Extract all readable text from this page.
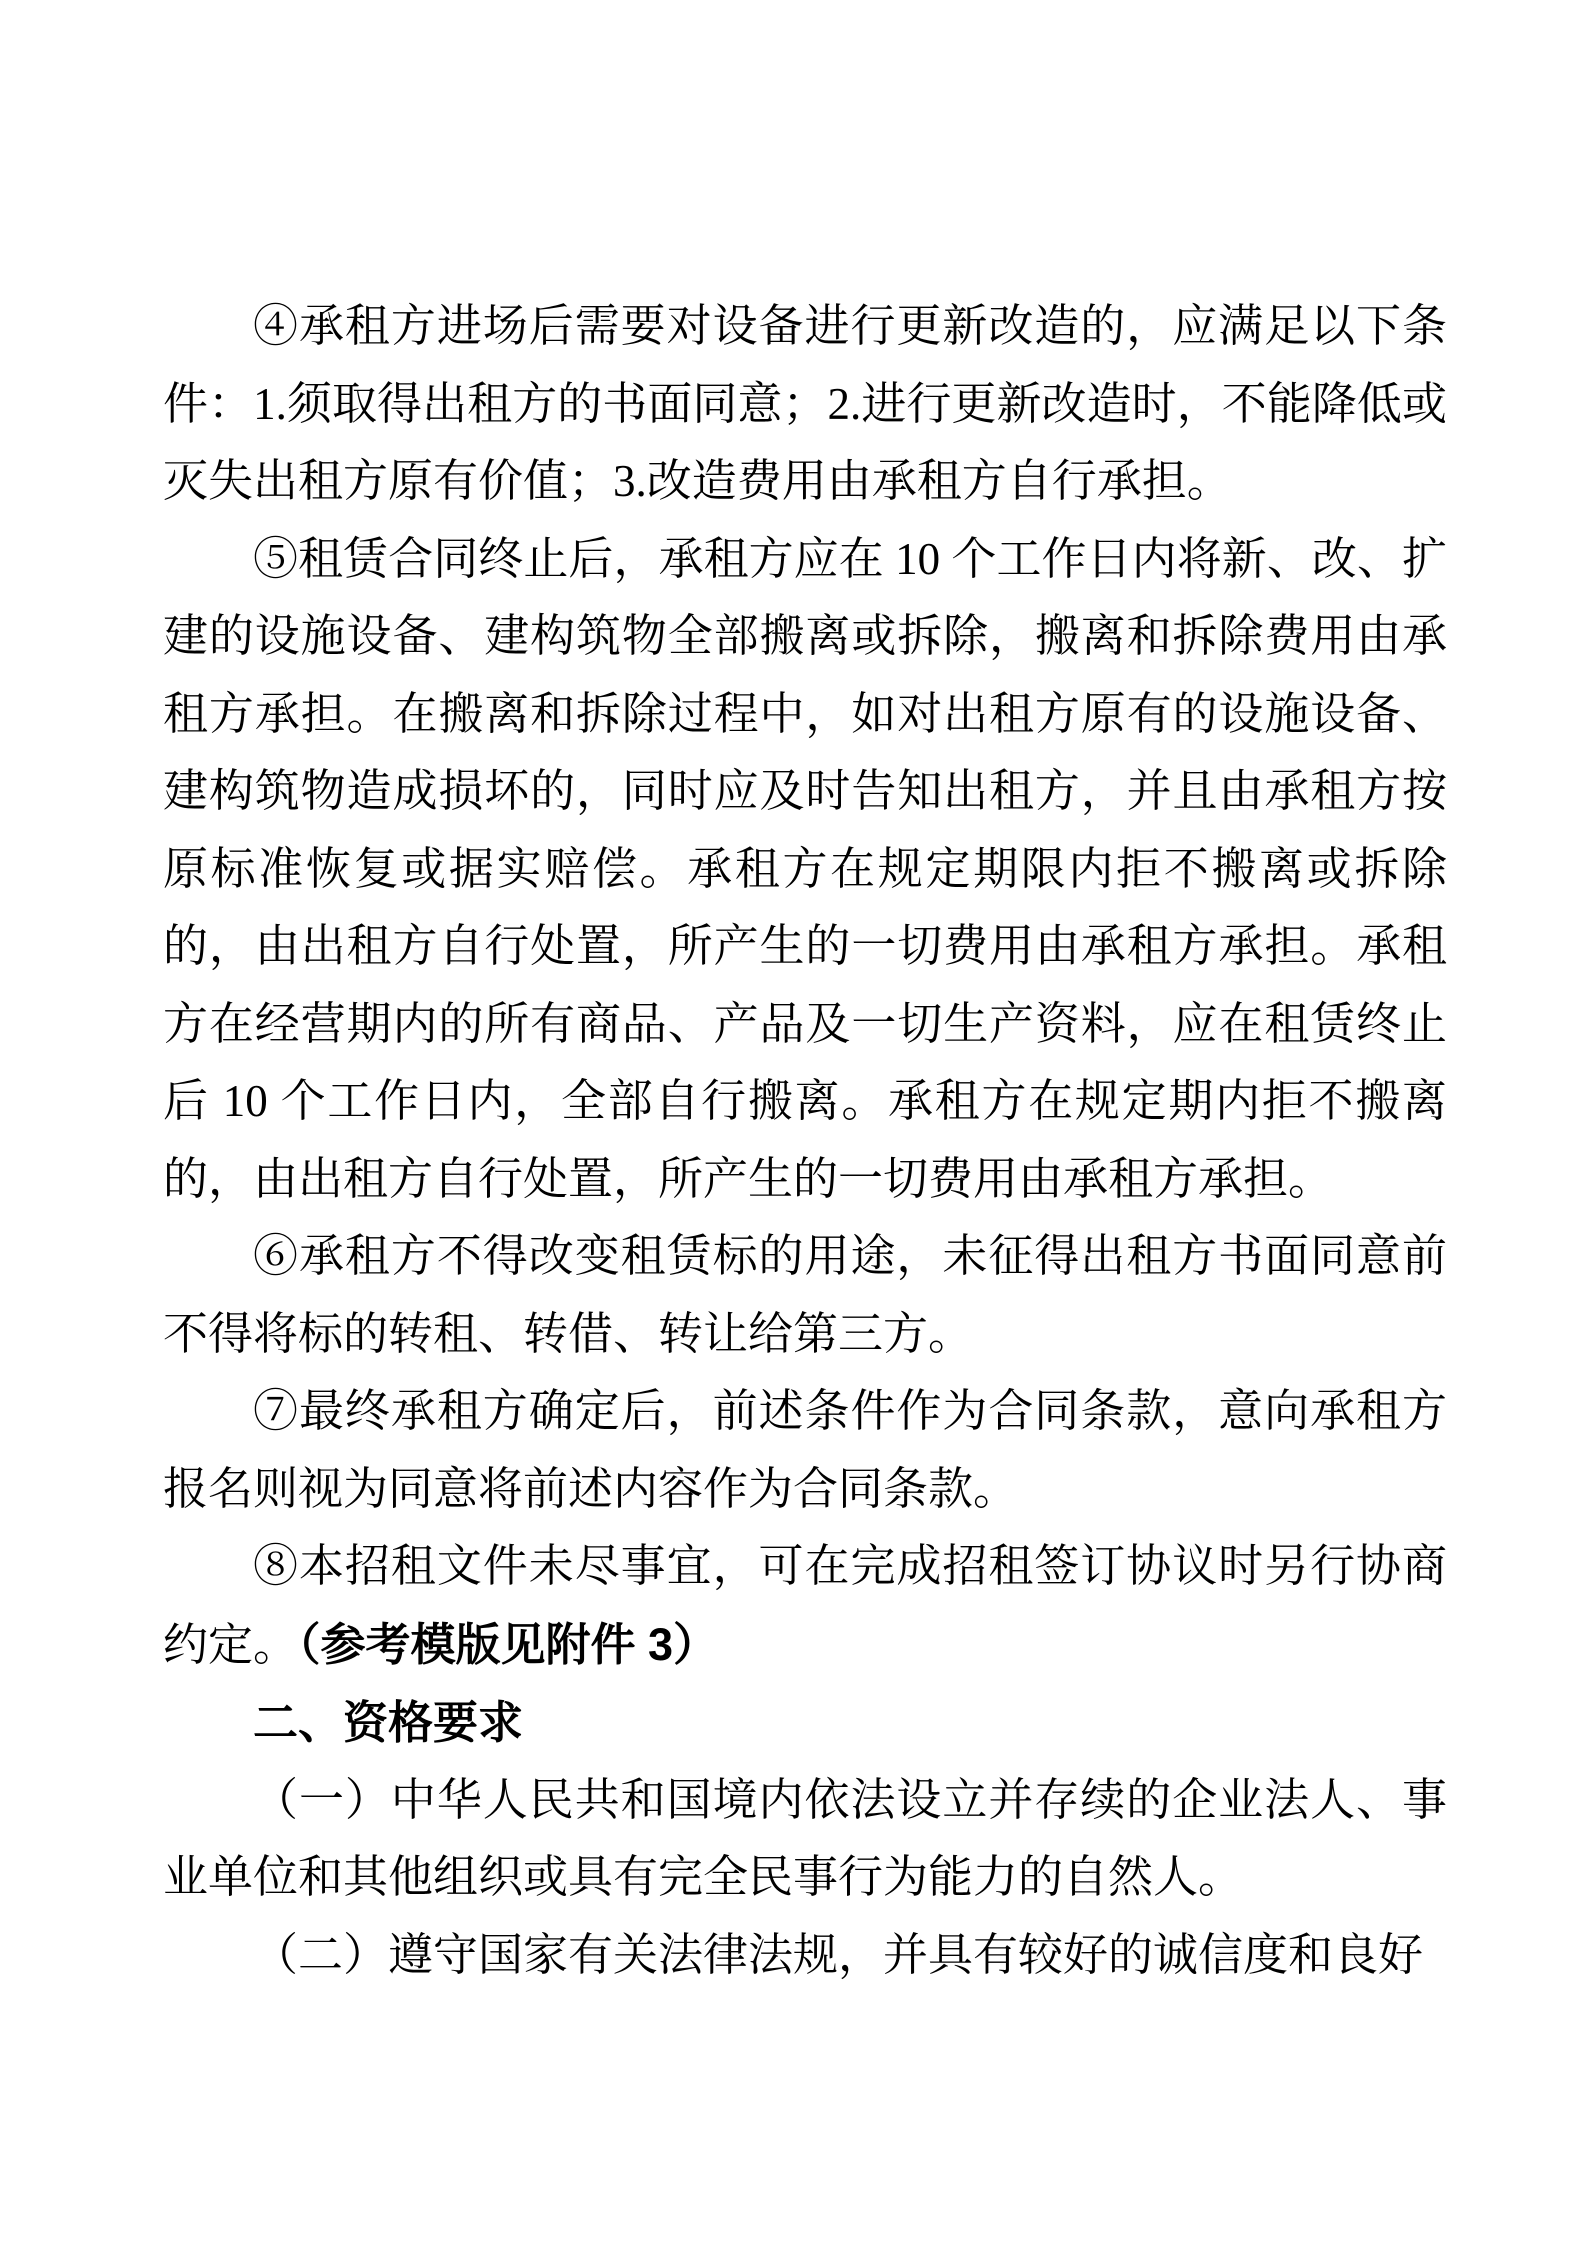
④承租方进场后需要对设备进行更新改造的，应满足以下条件：1.须取得出租方的书面同意；2.进行更新改造时，不能降低或灭失出租方原有价值；3.改造费用由承租方自行承担。

⑤租赁合同终止后，承租方应在 10 个工作日内将新、改、扩建的设施设备、建构筑物全部搬离或拆除，搬离和拆除费用由承租方承担。在搬离和拆除过程中，如对出租方原有的设施设备、建构筑物造成损坏的，同时应及时告知出租方，并且由承租方按原标准恢复或据实赔偿。承租方在规定期限内拒不搬离或拆除的，由出租方自行处置，所产生的一切费用由承租方承担。承租方在经营期内的所有商品、产品及一切生产资料，应在租赁终止后 10 个工作日内，全部自行搬离。承租方在规定期内拒不搬离的，由出租方自行处置，所产生的一切费用由承租方承担。

⑥承租方不得改变租赁标的用途，未征得出租方书面同意前不得将标的转租、转借、转让给第三方。

⑦最终承租方确定后，前述条件作为合同条款，意向承租方报名则视为同意将前述内容作为合同条款。

⑧本招租文件未尽事宜，可在完成招租签订协议时另行协商约定。（参考模版见附件 3）

二、资格要求

（一）中华人民共和国境内依法设立并存续的企业法人、事业单位和其他组织或具有完全民事行为能力的自然人。

（二）遵守国家有关法律法规，并具有较好的诚信度和良好
